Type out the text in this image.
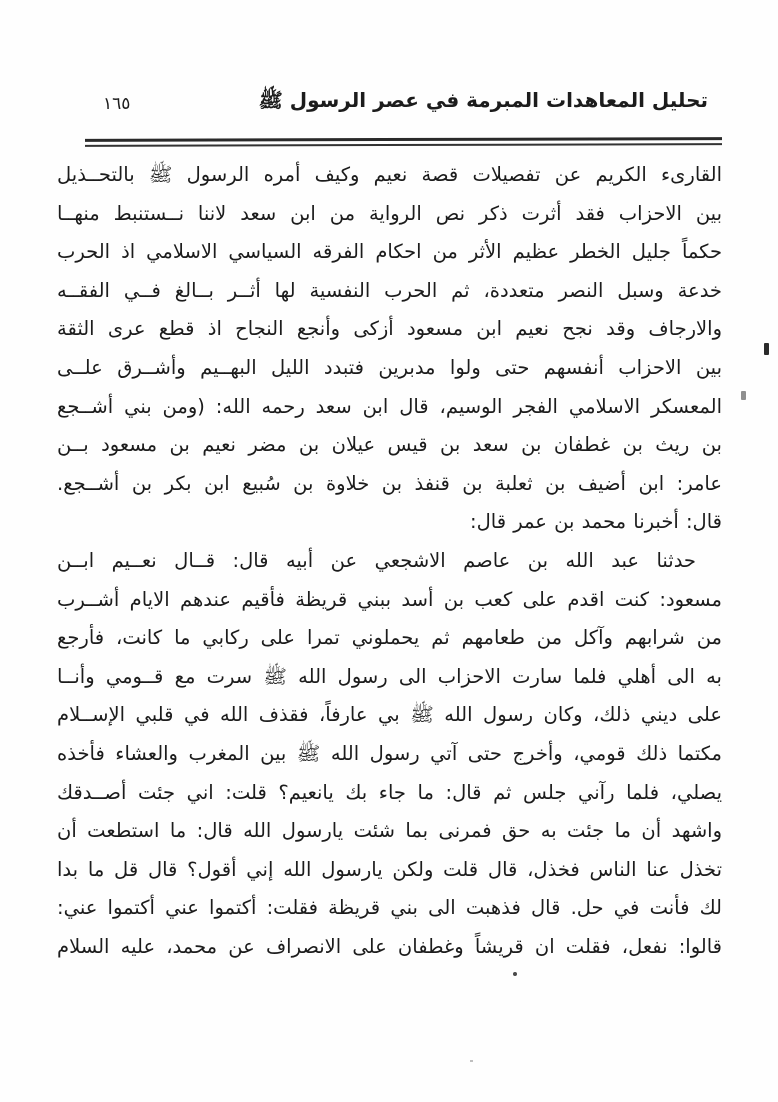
تحليل المعاهدات المبرمة في عصر الرسول ﷺ
١٦٥
القارىء الكريم عن تفصيلات قصة نعيم وكيف أمره الرسول ﷺ بالتحــذيل
بين الاحزاب فقد أثرت ذكر نص الرواية من ابن سعد لاننا نــستنبط منهــا
حكماً جليل الخطر عظيم الأثر من احكام الفرقه السياسي الاسلامي اذ الحرب
خدعة وسبل النصر متعددة، ثم الحرب النفسية لها أثــر بــالغ فــي الفقــه
والارجاف وقد نجح نعيم ابن مسعود أزكى وأنجع النجاح اذ قطع عرى الثقة
بين الاحزاب أنفسهم حتى ولوا مدبرين فتبدد الليل البهــيم وأشــرق علــى
المعسكر الاسلامي الفجر الوسيم، قال ابن سعد رحمه الله: (ومن بني أشــجع
بن ريث بن غطفان بن سعد بن قيس عيلان بن مضر نعيم بن مسعود بــن
عامر: ابن أضيف بن ثعلبة بن قنفذ بن خلاوة بن سُبيع ابن بكر بن أشــجع.
قال: أخبرنا محمد بن عمر قال:
حدثنا عبد الله بن عاصم الاشجعي عن أبيه قال: قــال نعــيم ابــن
مسعود: كنت اقدم على كعب بن أسد ببني قريظة فأقيم عندهم الايام أشــرب
من شرابهم وآكل من طعامهم ثم يحملوني تمرا على ركابي ما كانت، فأرجع
به الى أهلي فلما سارت الاحزاب الى رسول الله ﷺ سرت مع قــومي وأنــا
على ديني ذلك، وكان رسول الله ﷺ بي عارفاً، فقذف الله في قلبي الإســلام
مكتما ذلك قومي، وأخرج حتى آتي رسول الله ﷺ بين المغرب والعشاء فأخذه
يصلي، فلما رآني جلس ثم قال: ما جاء بك يانعيم؟ قلت: اني جئت أصــدقك
واشهد أن ما جئت به حق فمرنى بما شئت يارسول الله قال: ما استطعت أن
تخذل عنا الناس فخذل، قال قلت ولكن يارسول الله إني أقول؟ قال قل ما بدا
لك فأنت في حل. قال فذهبت الى بني قريظة فقلت: أكتموا عني أكتموا عني:
قالوا: نفعل، فقلت ان قريشاً وغطفان على الانصراف عن محمد، عليه السلام
